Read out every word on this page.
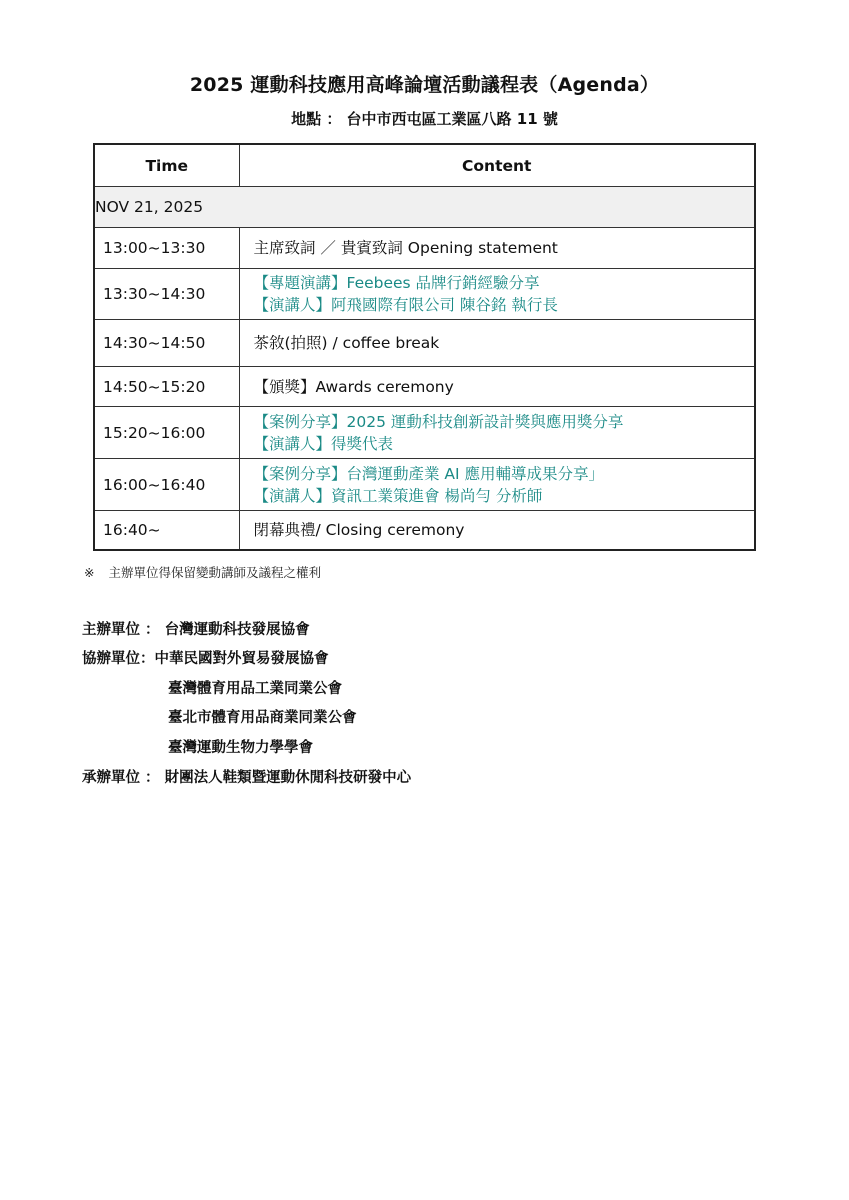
2025 運動科技應用高峰論壇活動議程表（Agenda）
地點 ： 台中市西屯區工業區八路 11 號
Time	Content
NOV 21, 2025	
13:00~13:30	主席致詞 ／ 貴賓致詞 Opening statement

13:30~14:30	【專題演講】Feebees 品牌行銷經驗分享
【演講人】阿飛國際有限公司 陳谷銘 執行長

14:30~14:50	茶敘(拍照) / coffee break

14:50~15:20	【頒獎】Awards ceremony

15:20~16:00	【案例分享】2025 運動科技創新設計獎與應用獎分享
【演講人】得獎代表

16:00~16:40	【案例分享】台灣運動產業 AI 應用輔導成果分享」
【演講人】資訊工業策進會 楊尚勻 分析師

16:40~	閉幕典禮/ Closing ceremony
※ 主辦單位得保留變動講師及議程之權利
主辦單位 ： 台灣運動科技發展協會
協辦單位：中華民國對外貿易發展協會
臺灣體育用品工業同業公會
臺北市體育用品商業同業公會
臺灣運動生物力學學會
承辦單位 ： 財團法人鞋類暨運動休閒科技研發中心
